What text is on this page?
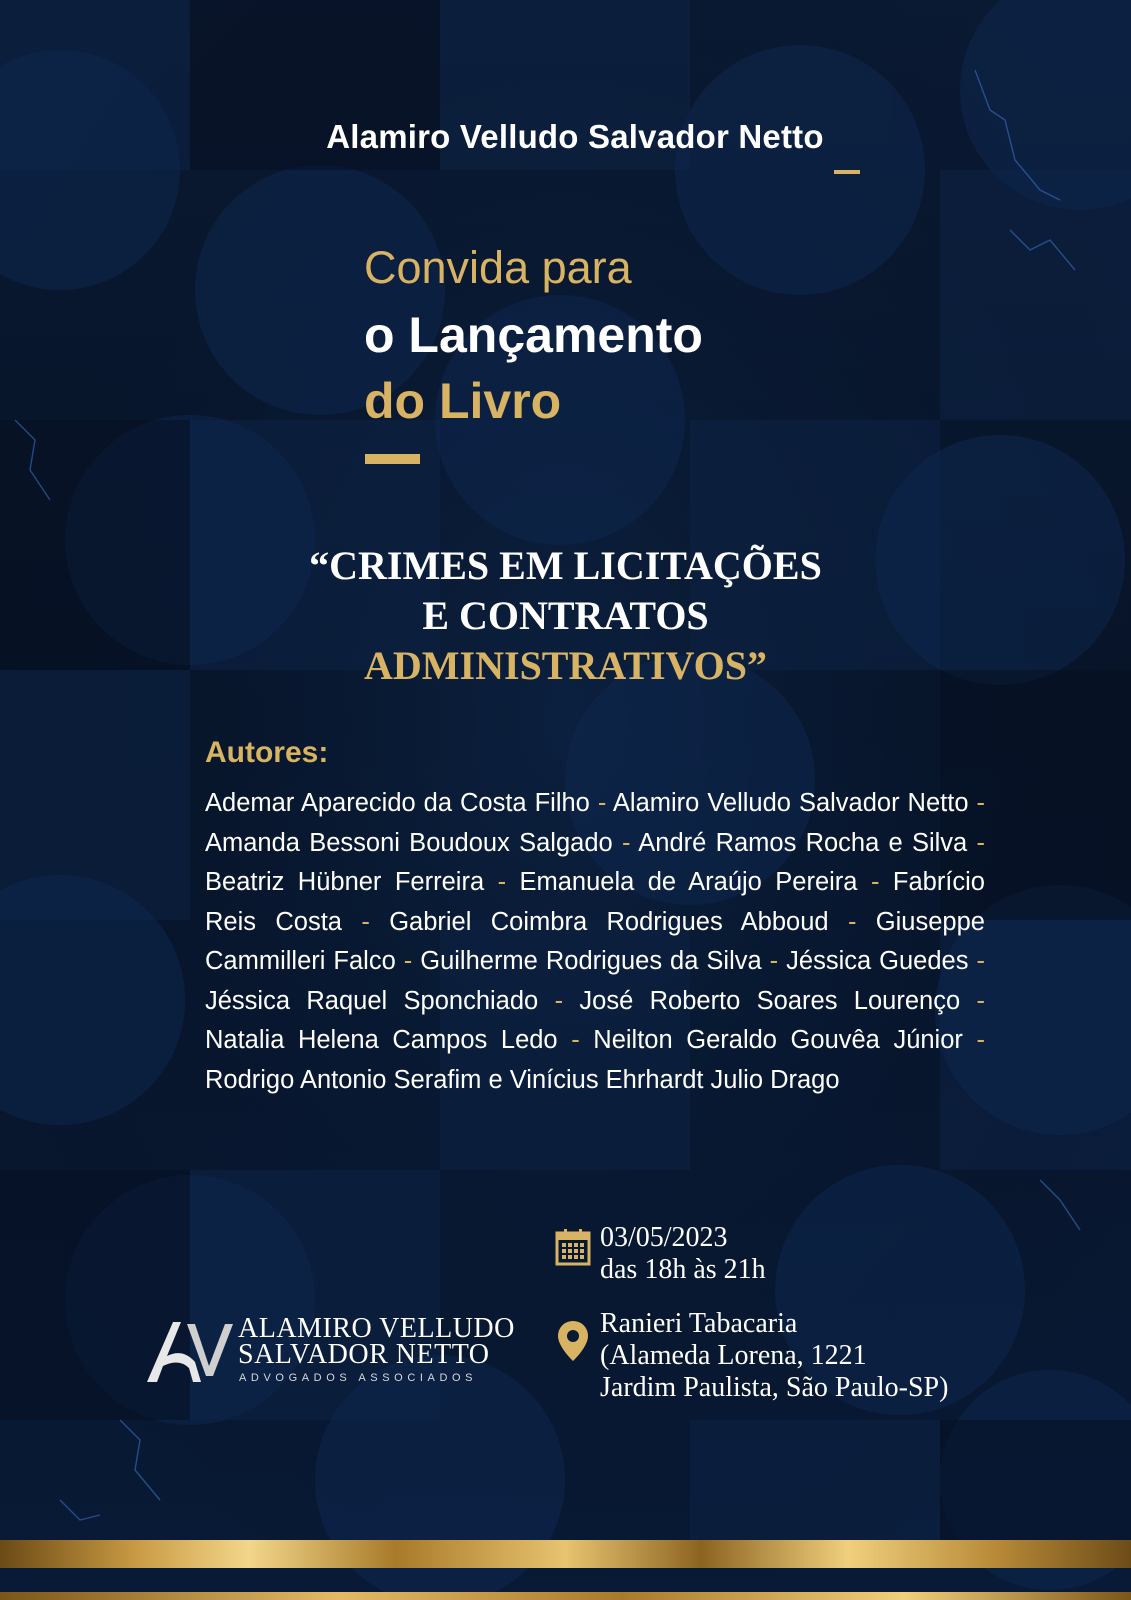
Alamiro Velludo Salvador Netto
Convida para
o Lançamento
do Livro
“CRIMES EM LICITAÇÕES
E CONTRATOS
ADMINISTRATIVOS”
Autores:
Ademar Aparecido da Costa Filho - Alamiro Velludo Salvador Netto - Amanda Bessoni Boudoux Salgado - André Ramos Rocha e Silva - Beatriz Hübner Ferreira - Emanuela de Araújo Pereira - Fabrício Reis Costa - Gabriel Coimbra Rodrigues Abboud - Giuseppe Cammilleri Falco - Guilherme Rodrigues da Silva - Jéssica Guedes - Jéssica Raquel Sponchiado - José Roberto Soares Lourenço - Natalia Helena Campos Ledo - Neilton Geraldo Gouvêa Júnior - Rodrigo Antonio Serafim e Vinícius Ehrhardt Julio Drago
03/05/2023
das 18h às 21h
Ranieri Tabacaria
(Alameda Lorena, 1221
Jardim Paulista, São Paulo-SP)
ALAMIRO VELLUDO
SALVADOR NETTO
ADVOGADOS ASSOCIADOS
